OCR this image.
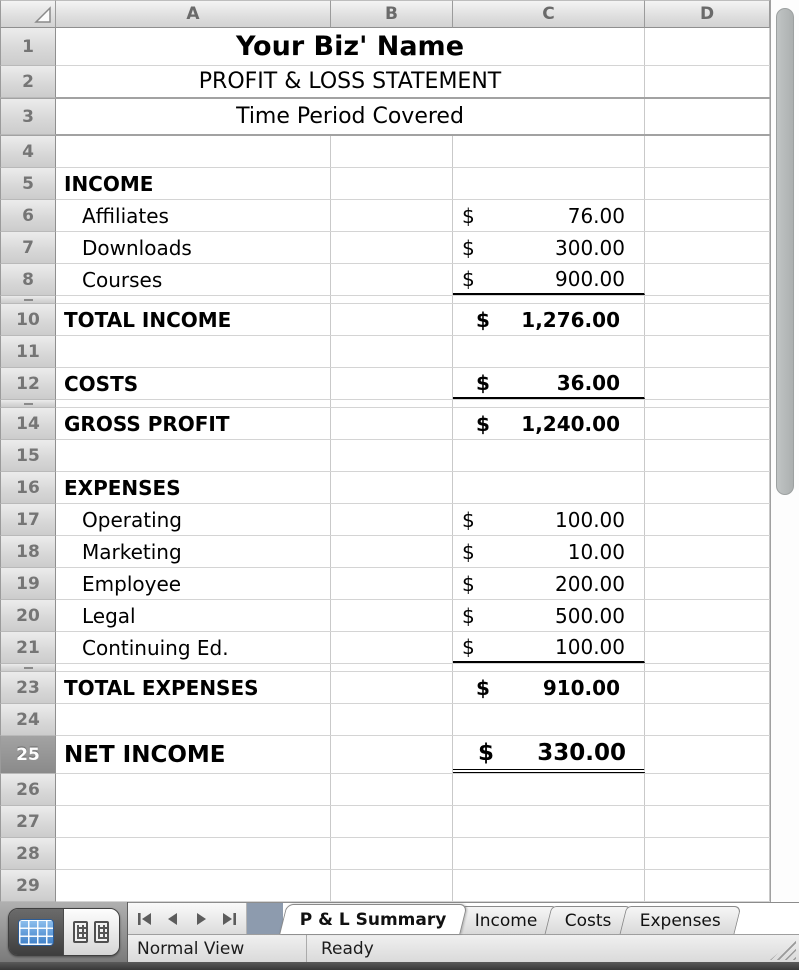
A	B	C	D
1	Your Biz' Name
2	PROFIT & LOSS STATEMENT
3	Time Period Covered
4
5	INCOME
6	Affiliates	$	76.00
7	Downloads	$	300.00
8	Courses	$	900.00
10	TOTAL INCOME	$ 1,276.00
11
12	COSTS	$	36.00
14	GROSS PROFIT	$ 1,240.00
15
16	EXPENSES
17	Operating	$	100.00
18	Marketing	$	10.00
19	Employee	$	200.00
20	Legal	$	500.00
21	Continuing Ed.	$	100.00
23	TOTAL EXPENSES	$	910.00
24
25	NET INCOME	$ 330.00
26
27
28
29
P & L Summary Income Costs Expenses
Normal View	Ready
